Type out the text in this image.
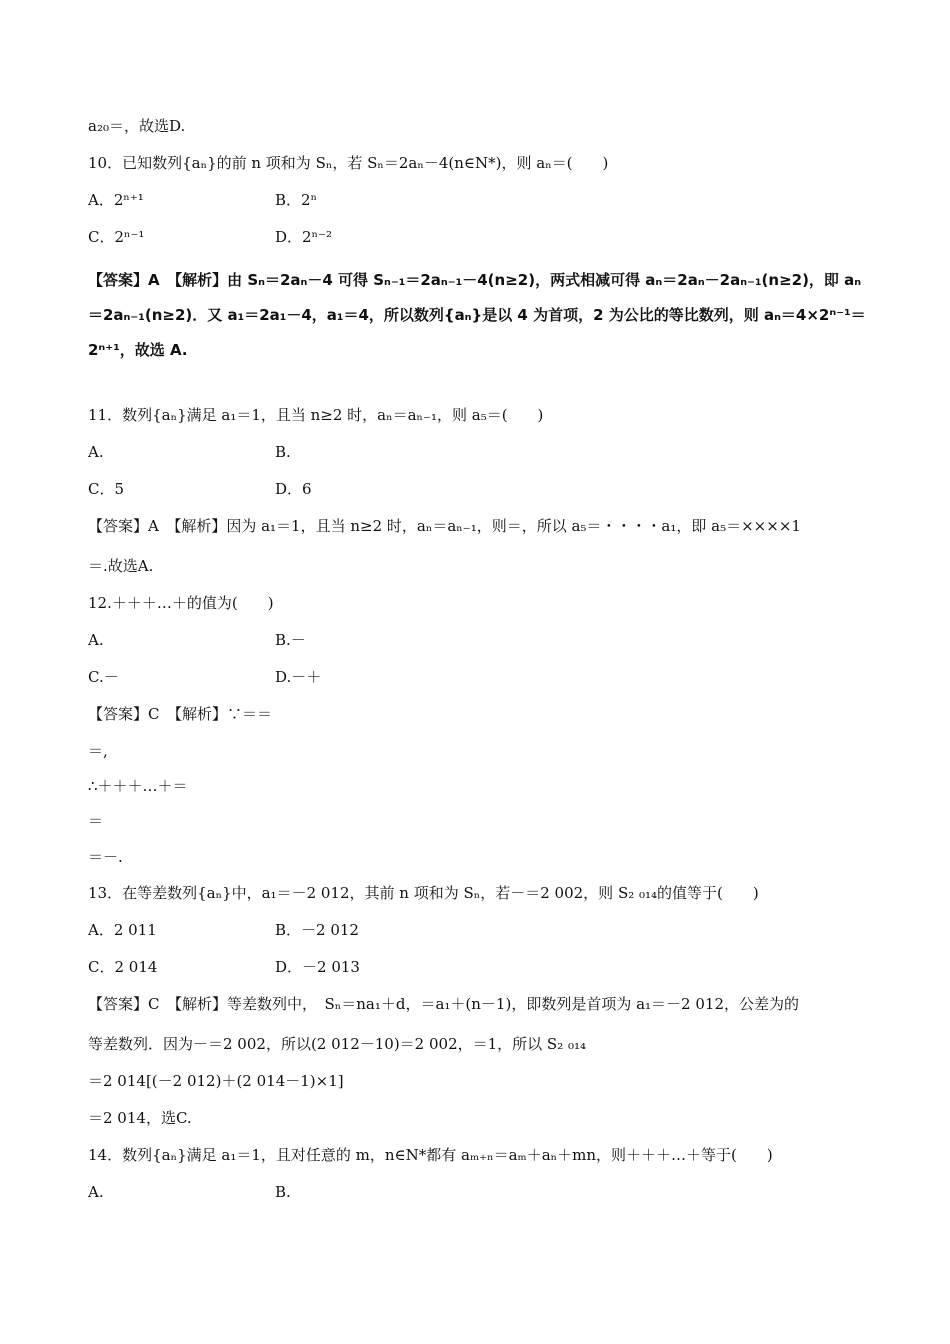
a₂₀＝，故选D.
10．已知数列{aₙ}的前 n 项和为 Sₙ，若 Sₙ＝2aₙ－4(n∈N*)，则 aₙ＝(　　)
A．2ⁿ⁺¹	B．2ⁿ
C．2ⁿ⁻¹	D．2ⁿ⁻²
【答案】A　【解析】由 Sₙ＝2aₙ－4 可得 Sₙ₋₁＝2aₙ₋₁－4(n≥2)，两式相减可得 aₙ＝2aₙ－2aₙ₋₁(n≥2)，即 aₙ
＝2aₙ₋₁(n≥2)．又 a₁＝2a₁－4，a₁＝4，所以数列{aₙ}是以 4 为首项，2 为公比的等比数列，则 aₙ＝4×2ⁿ⁻¹＝
2ⁿ⁺¹，故选 A.
11．数列{aₙ}满足 a₁＝1，且当 n≥2 时，aₙ＝aₙ₋₁，则 a₅＝(　　)
A.	B.
C．5	D．6
【答案】A　【解析】因为 a₁＝1，且当 n≥2 时，aₙ＝aₙ₋₁，则＝，所以 a₅＝・・・・a₁，即 a₅＝××××1
＝.故选A.
12.＋＋＋…＋的值为(　　)
A.	B.－
C.－	D.－＋
【答案】C　【解析】∵＝＝
＝,
∴＋＋＋…＋＝
＝
＝－.
13．在等差数列{aₙ}中，a₁＝－2 012，其前 n 项和为 Sₙ，若－＝2 002，则 S₂ ₀₁₄的值等于(　　)
A．2 011	B．－2 012
C．2 014	D．－2 013
【答案】C　【解析】等差数列中，　Sₙ＝na₁＋d，＝a₁＋(n－1)，即数列是首项为 a₁＝－2 012，公差为的
等差数列．因为－＝2 002，所以(2 012－10)＝2 002，＝1，所以 S₂ ₀₁₄
＝2 014[(－2 012)＋(2 014－1)×1]
＝2 014，选C.
14．数列{aₙ}满足 a₁＝1，且对任意的 m，n∈N*都有 aₘ₊ₙ＝aₘ＋aₙ＋mn，则＋＋＋…＋等于(　　)
A.	B.
